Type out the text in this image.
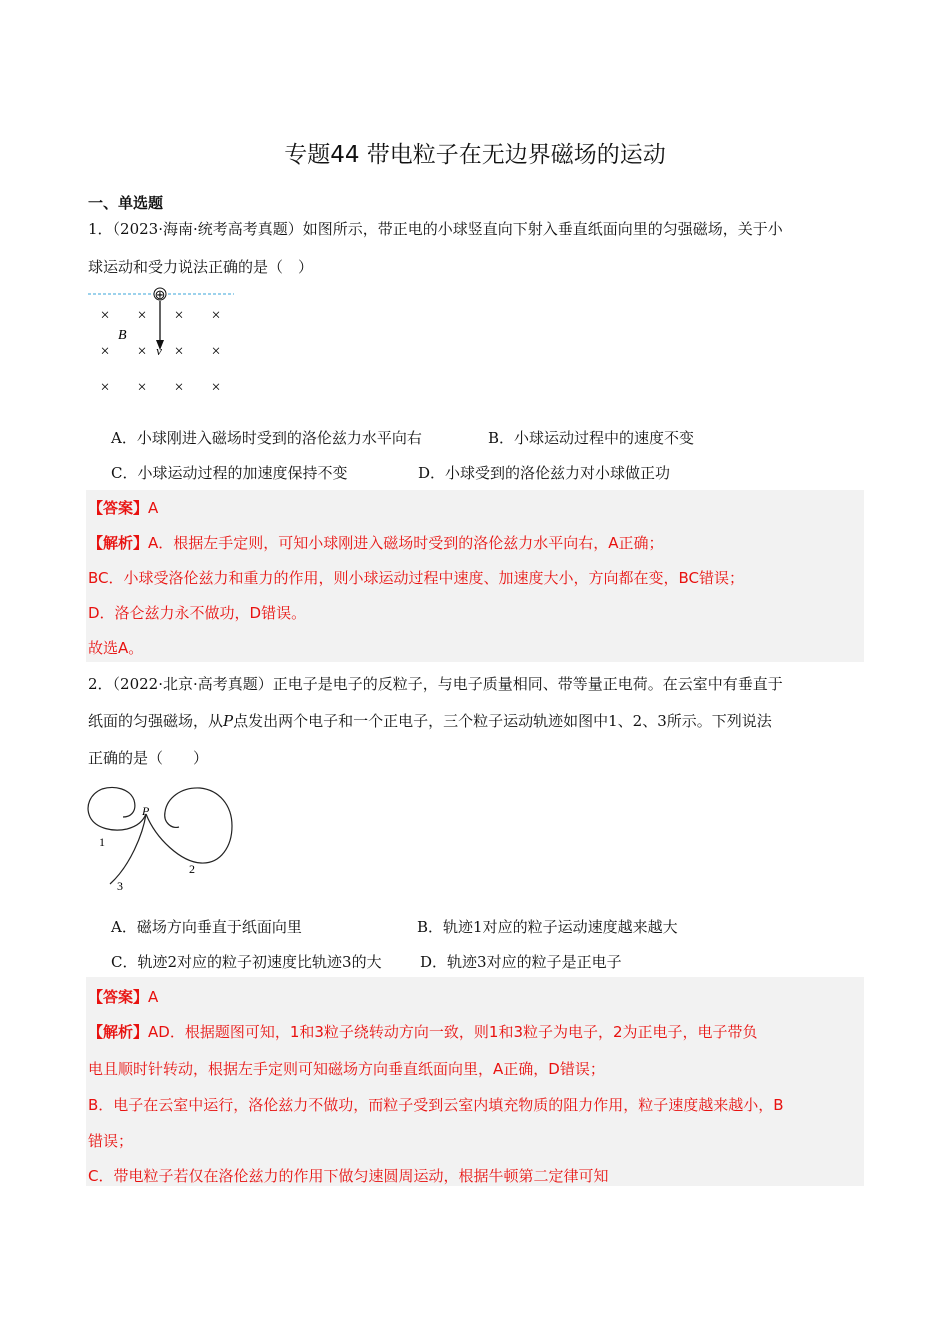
专题44 带电粒子在无边界磁场的运动
一、单选题
1．（2023·海南·统考高考真题）如图所示，带正电的小球竖直向下射入垂直纸面向里的匀强磁场，关于小
球运动和受力说法正确的是（　）
⊕
v
B
× × × ×
× × × ×
× × × ×
A．小球刚进入磁场时受到的洛伦兹力水平向右	B．小球运动过程中的速度不变
C．小球运动过程的加速度保持不变	D．小球受到的洛伦兹力对小球做正功
【答案】A
【解析】A．根据左手定则，可知小球刚进入磁场时受到的洛伦兹力水平向右，A正确；
BC．小球受洛伦兹力和重力的作用，则小球运动过程中速度、加速度大小，方向都在变，BC错误；
D．洛仑兹力永不做功，D错误。
故选A。
2．（2022·北京·高考真题）正电子是电子的反粒子，与电子质量相同、带等量正电荷。在云室中有垂直于
纸面的匀强磁场，从P点发出两个电子和一个正电子，三个粒子运动轨迹如图中1、2、3所示。下列说法
正确的是（　　）
P
1
2
3
A．磁场方向垂直于纸面向里	B．轨迹1对应的粒子运动速度越来越大
C．轨迹2对应的粒子初速度比轨迹3的大	D．轨迹3对应的粒子是正电子
【答案】A
【解析】AD．根据题图可知，1和3粒子绕转动方向一致，则1和3粒子为电子，2为正电子，电子带负
电且顺时针转动，根据左手定则可知磁场方向垂直纸面向里，A正确，D错误；
B．电子在云室中运行，洛伦兹力不做功，而粒子受到云室内填充物质的阻力作用，粒子速度越来越小，B
错误；
C．带电粒子若仅在洛伦兹力的作用下做匀速圆周运动，根据牛顿第二定律可知
